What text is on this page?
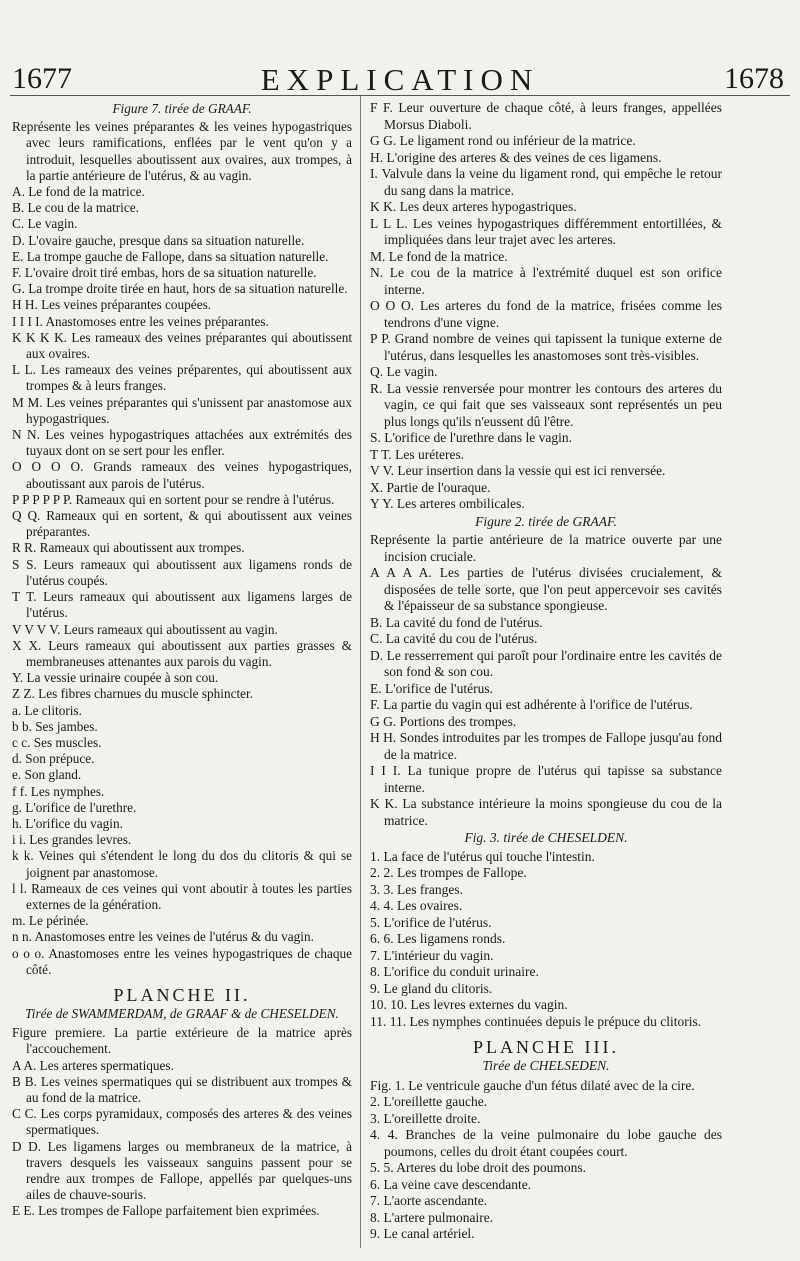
1677	EXPLICATION	1678

Figure 7. tirée de GRAAF.

Représente les veines préparantes & les veines hypogastriques avec leurs ramifications, enflées par le vent qu'on y a introduit, lesquelles aboutissent aux ovaires, aux trompes, à la partie antérieure de l'utérus, & au vagin.

A. Le fond de la matrice.

B. Le cou de la matrice.

C. Le vagin.

D. L'ovaire gauche, presque dans sa situation naturelle.

E. La trompe gauche de Fallope, dans sa situation naturelle.

F. L'ovaire droit tiré embas, hors de sa situation naturelle.

G. La trompe droite tirée en haut, hors de sa situation naturelle.

H H. Les veines préparantes coupées.

I I I I. Anastomoses entre les veines préparantes.

K K K K. Les rameaux des veines préparantes qui aboutissent aux ovaires.

L L. Les rameaux des veines préparentes, qui aboutissent aux trompes & à leurs franges.

M M. Les veines préparantes qui s'unissent par anastomose aux hypogastriques.

N N. Les veines hypogastriques attachées aux extrémités des tuyaux dont on se sert pour les enfler.

O O O O. Grands rameaux des veines hypogastriques, aboutissant aux parois de l'utérus.

P P P P P P. Rameaux qui en sortent pour se rendre à l'utérus.

Q Q. Rameaux qui en sortent, & qui aboutissent aux veines préparantes.

R R. Rameaux qui aboutissent aux trompes.

S S. Leurs rameaux qui aboutissent aux ligamens ronds de l'utérus coupés.

T T. Leurs rameaux qui aboutissent aux ligamens larges de l'utérus.

V V V V. Leurs rameaux qui aboutissent au vagin.

X X. Leurs rameaux qui aboutissent aux parties grasses & membraneuses attenantes aux parois du vagin.

Y. La vessie urinaire coupée à son cou.

Z Z. Les fibres charnues du muscle sphincter.

a. Le clitoris.

b b. Ses jambes.

c c. Ses muscles.

d. Son prépuce.

e. Son gland.

f f. Les nymphes.

g. L'orifice de l'urethre.

h. L'orifice du vagin.

i i. Les grandes levres.

k k. Veines qui s'étendent le long du dos du clitoris & qui se joignent par anastomose.

l l. Rameaux de ces veines qui vont aboutir à toutes les parties externes de la génération.

m. Le périnée.

n n. Anastomoses entre les veines de l'utérus & du vagin.

o o o. Anastomoses entre les veines hypogastriques de chaque côté.

PLANCHE II.

Tirée de SWAMMERDAM, de GRAAF & de CHESELDEN.

Figure premiere. La partie extérieure de la matrice après l'accouchement.

A A. Les arteres spermatiques.

B B. Les veines spermatiques qui se distribuent aux trompes & au fond de la matrice.

C C. Les corps pyramidaux, composés des arteres & des veines spermatiques.

D D. Les ligamens larges ou membraneux de la matrice, à travers desquels les vaisseaux sanguins passent pour se rendre aux trompes de Fallope, appellés par quelques-uns ailes de chauve-souris.

E E. Les trompes de Fallope parfaitement bien exprimées.

F F. Leur ouverture de chaque côté, à leurs franges, appellées Morsus Diaboli.

G G. Le ligament rond ou inférieur de la matrice.

H. L'origine des arteres & des veines de ces ligamens.

I. Valvule dans la veine du ligament rond, qui empêche le retour du sang dans la matrice.

K K. Les deux arteres hypogastriques.

L L L. Les veines hypogastriques différemment entortillées, & impliquées dans leur trajet avec les arteres.

M. Le fond de la matrice.

N. Le cou de la matrice à l'extrémité duquel est son orifice interne.

O O O. Les arteres du fond de la matrice, frisées comme les tendrons d'une vigne.

P P. Grand nombre de veines qui tapissent la tunique externe de l'utérus, dans lesquelles les anastomoses sont très-visibles.

Q. Le vagin.

R. La vessie renversée pour montrer les contours des arteres du vagin, ce qui fait que ses vaisseaux sont représentés un peu plus longs qu'ils n'eussent dû l'être.

S. L'orifice de l'urethre dans le vagin.

T T. Les uréteres.

V V. Leur insertion dans la vessie qui est ici renversée.

X. Partie de l'ouraque.

Y Y. Les arteres ombilicales.

Figure 2. tirée de GRAAF.

Représente la partie antérieure de la matrice ouverte par une incision cruciale.

A A A A. Les parties de l'utérus divisées crucialement, & disposées de telle sorte, que l'on peut appercevoir ses cavités & l'épaisseur de sa substance spongieuse.

B. La cavité du fond de l'utérus.

C. La cavité du cou de l'utérus.

D. Le resserrement qui paroît pour l'ordinaire entre les cavités de son fond & son cou.

E. L'orifice de l'utérus.

F. La partie du vagin qui est adhérente à l'orifice de l'utérus.

G G. Portions des trompes.

H H. Sondes introduites par les trompes de Fallope jusqu'au fond de la matrice.

I I I. La tunique propre de l'utérus qui tapisse sa substance interne.

K K. La substance intérieure la moins spongieuse du cou de la matrice.

Fig. 3. tirée de CHESELDEN.

1. La face de l'utérus qui touche l'intestin.

2. 2. Les trompes de Fallope.

3. 3. Les franges.

4. 4. Les ovaires.

5. L'orifice de l'utérus.

6. 6. Les ligamens ronds.

7. L'intérieur du vagin.

8. L'orifice du conduit urinaire.

9. Le gland du clitoris.

10. 10. Les levres externes du vagin.

11. 11. Les nymphes continuées depuis le prépuce du clitoris.

PLANCHE III.

Tirée de CHELSEDEN.

Fig. 1. Le ventricule gauche d'un fétus dilaté avec de la cire.

2. L'oreillette gauche.

3. L'oreillette droite.

4. 4. Branches de la veine pulmonaire du lobe gauche des poumons, celles du droit étant coupées court.

5. 5. Arteres du lobe droit des poumons.

6. La veine cave descendante.

7. L'aorte ascendante.

8. L'artere pulmonaire.

9. Le canal artériel.
